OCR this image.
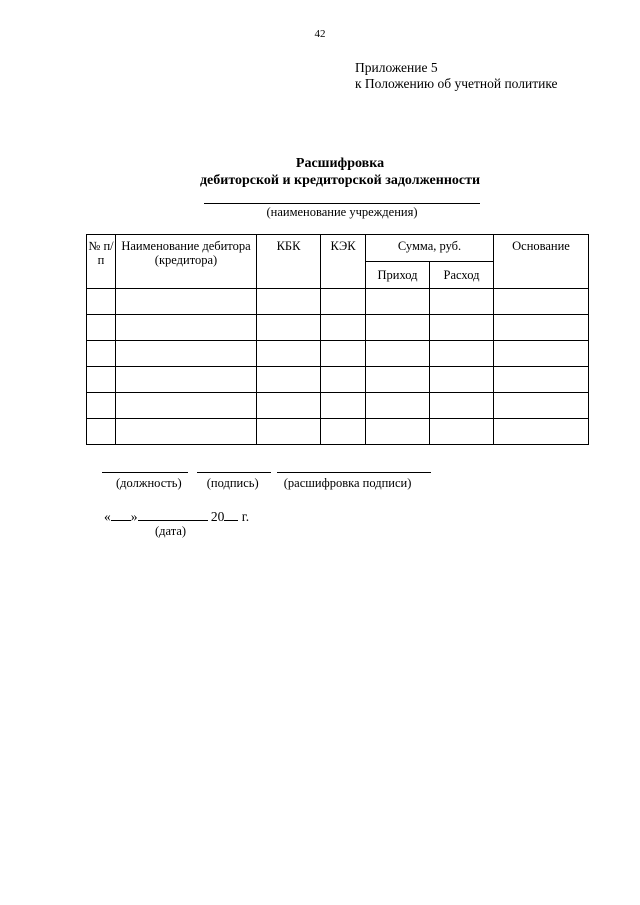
42
Приложение 5
к Положению об учетной политике
Расшифровка
дебиторской и кредиторской задолженности
(наименование учреждения)
№ п/п	Наименование дебитора (кредитора)	КБК	КЭК	Сумма, руб.		Основание
				Приход	Расход	

(должность) (подпись) (расшифровка подписи)
« »	20 г.
(дата)
